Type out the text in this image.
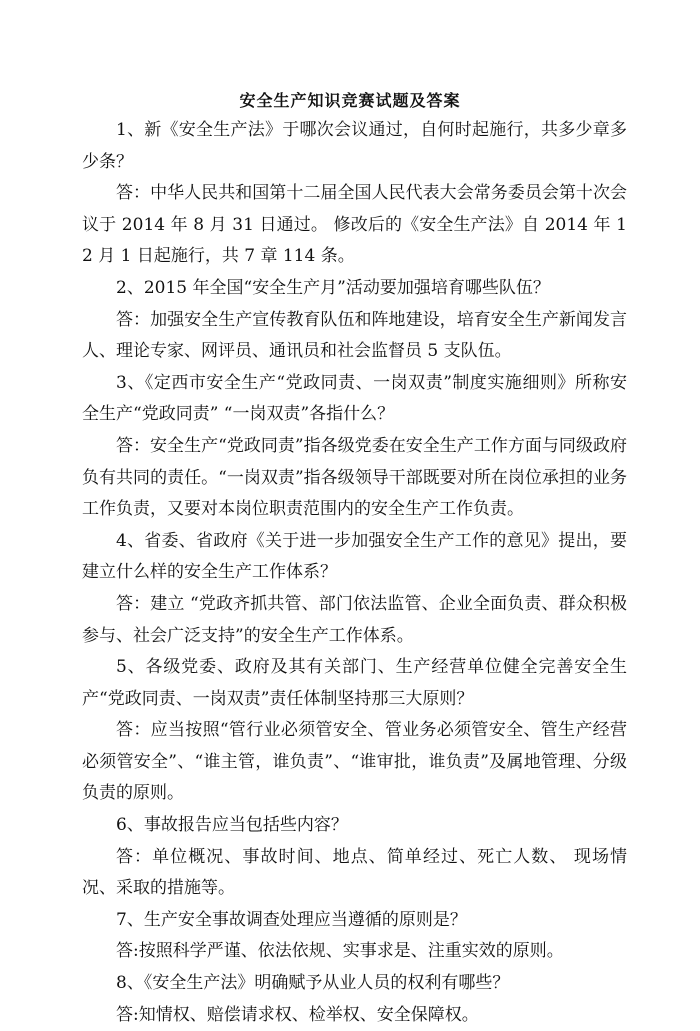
安全生产知识竞赛试题及答案

1、新《安全生产法》于哪次会议通过，自何时起施行，共多少章多少条？

答：中华人民共和国第十二届全国人民代表大会常务委员会第十次会议于 2014 年 8 月 31 日通过。 修改后的《安全生产法》自 2014 年 12 月 1 日起施行，共 7 章 114 条。

2、2015 年全国“安全生产月”活动要加强培育哪些队伍？

答：加强安全生产宣传教育队伍和阵地建设，培育安全生产新闻发言人、理论专家、网评员、通讯员和社会监督员 5 支队伍。

3、《定西市安全生产“党政同责、一岗双责”制度实施细则》所称安全生产“党政同责” “一岗双责”各指什么？

答：安全生产“党政同责”指各级党委在安全生产工作方面与同级政府负有共同的责任。“一岗双责”指各级领导干部既要对所在岗位承担的业务工作负责，又要对本岗位职责范围内的安全生产工作负责。

4、省委、省政府《关于进一步加强安全生产工作的意见》提出，要建立什么样的安全生产工作体系？

答：建立 “党政齐抓共管、部门依法监管、企业全面负责、群众积极参与、社会广泛支持”的安全生产工作体系。

5、各级党委、政府及其有关部门、生产经营单位健全完善安全生产“党政同责、一岗双责”责任体制坚持那三大原则？

答：应当按照“管行业必须管安全、管业务必须管安全、管生产经营必须管安全”、“谁主管，谁负责”、“谁审批，谁负责”及属地管理、分级负责的原则。

6、事故报告应当包括些内容？

答：单位概况、事故时间、地点、简单经过、死亡人数、 现场情况、采取的措施等。

7、生产安全事故调查处理应当遵循的原则是？

答:按照科学严谨、依法依规、实事求是、注重实效的原则。

8、《安全生产法》明确赋予从业人员的权利有哪些？

答:知情权、赔偿请求权、检举权、安全保障权。
